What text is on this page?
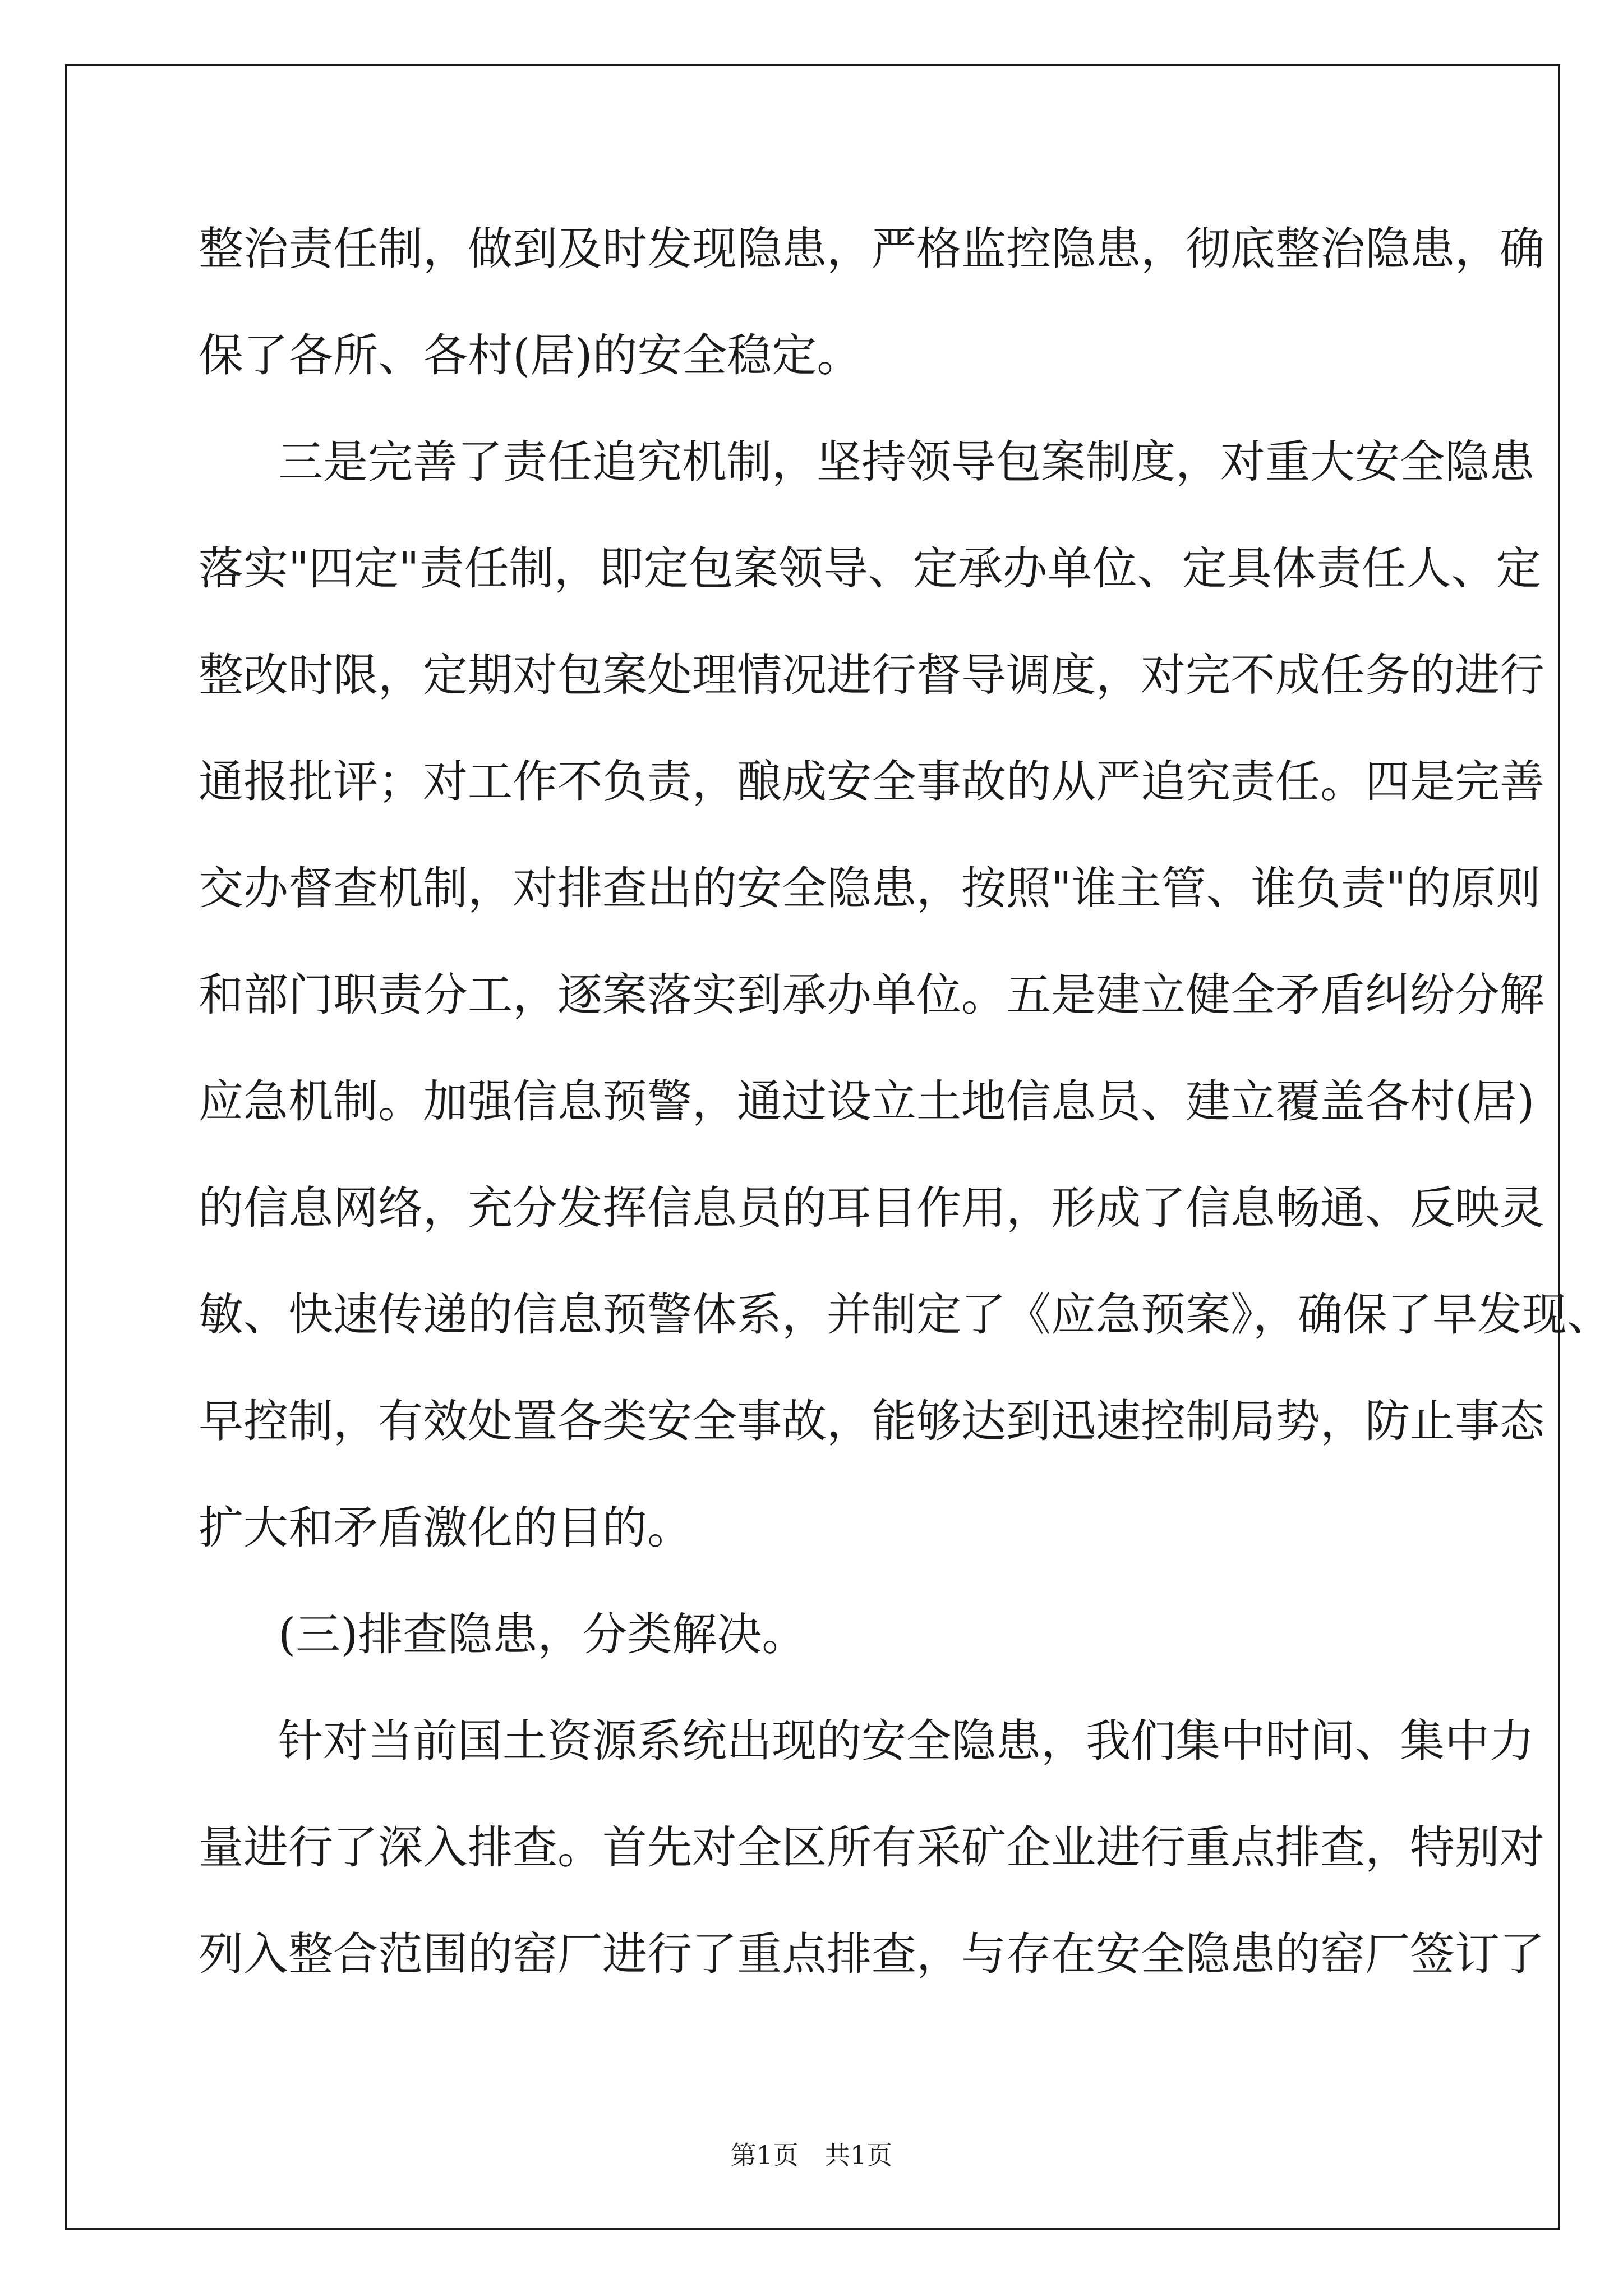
整治责任制，做到及时发现隐患，严格监控隐患，彻底整治隐患，确
保了各所、各村(居)的安全稳定。
三是完善了责任追究机制，坚持领导包案制度，对重大安全隐患
落实"四定"责任制，即定包案领导、定承办单位、定具体责任人、定
整改时限，定期对包案处理情况进行督导调度，对完不成任务的进行
通报批评；对工作不负责，酿成安全事故的从严追究责任。四是完善
交办督查机制，对排查出的安全隐患，按照"谁主管、谁负责"的原则
和部门职责分工，逐案落实到承办单位。五是建立健全矛盾纠纷分解
应急机制。加强信息预警，通过设立土地信息员、建立覆盖各村(居)
的信息网络，充分发挥信息员的耳目作用，形成了信息畅通、反映灵
敏、快速传递的信息预警体系，并制定了《应急预案》，确保了早发现、
早控制，有效处置各类安全事故，能够达到迅速控制局势，防止事态
扩大和矛盾激化的目的。
(三)排查隐患，分类解决。
针对当前国土资源系统出现的安全隐患，我们集中时间、集中力
量进行了深入排查。首先对全区所有采矿企业进行重点排查，特别对
列入整合范围的窑厂进行了重点排查，与存在安全隐患的窑厂签订了
第1页　共1页
